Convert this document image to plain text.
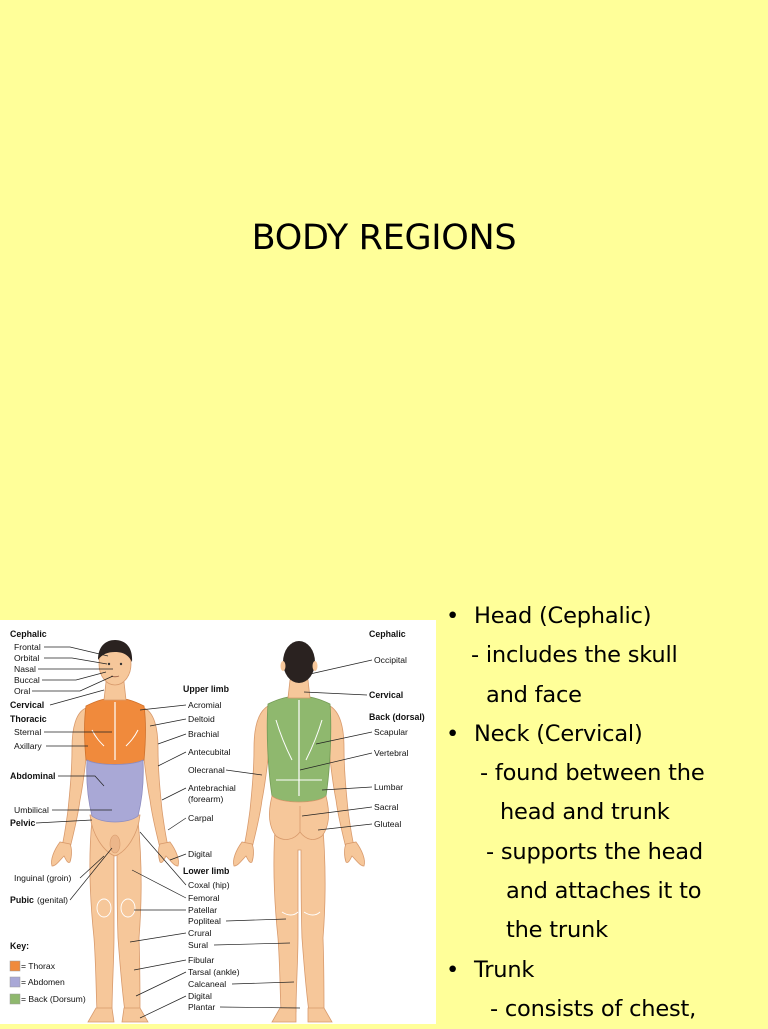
BODY REGIONS
Cephalic
Frontal
Orbital
Nasal
Buccal
Oral
Cervical
Thoracic
Sternal
Axillary
Abdominal
Umbilical
Pelvic
Inguinal (groin)
Pubic (genital)
Upper limb
Acromial
Deltoid
Brachial
Antecubital
Olecranal
Antebrachial
(forearm)
Carpal
Digital
Lower limb
Coxal (hip)
Femoral
Patellar
Popliteal
Crural
Sural
Fibular
Tarsal (ankle)
Calcaneal
Digital
Plantar
Cephalic
Occipital
Cervical
Back (dorsal)
Scapular
Vertebral
Lumbar
Sacral
Gluteal
Key:
= Thorax
= Abdomen
= Back (Dorsum)
• Head (Cephalic)
- includes the skull
and face
• Neck (Cervical)
- found between the
head and trunk
- supports the head
and attaches it to
the trunk
• Trunk
- consists of chest,
